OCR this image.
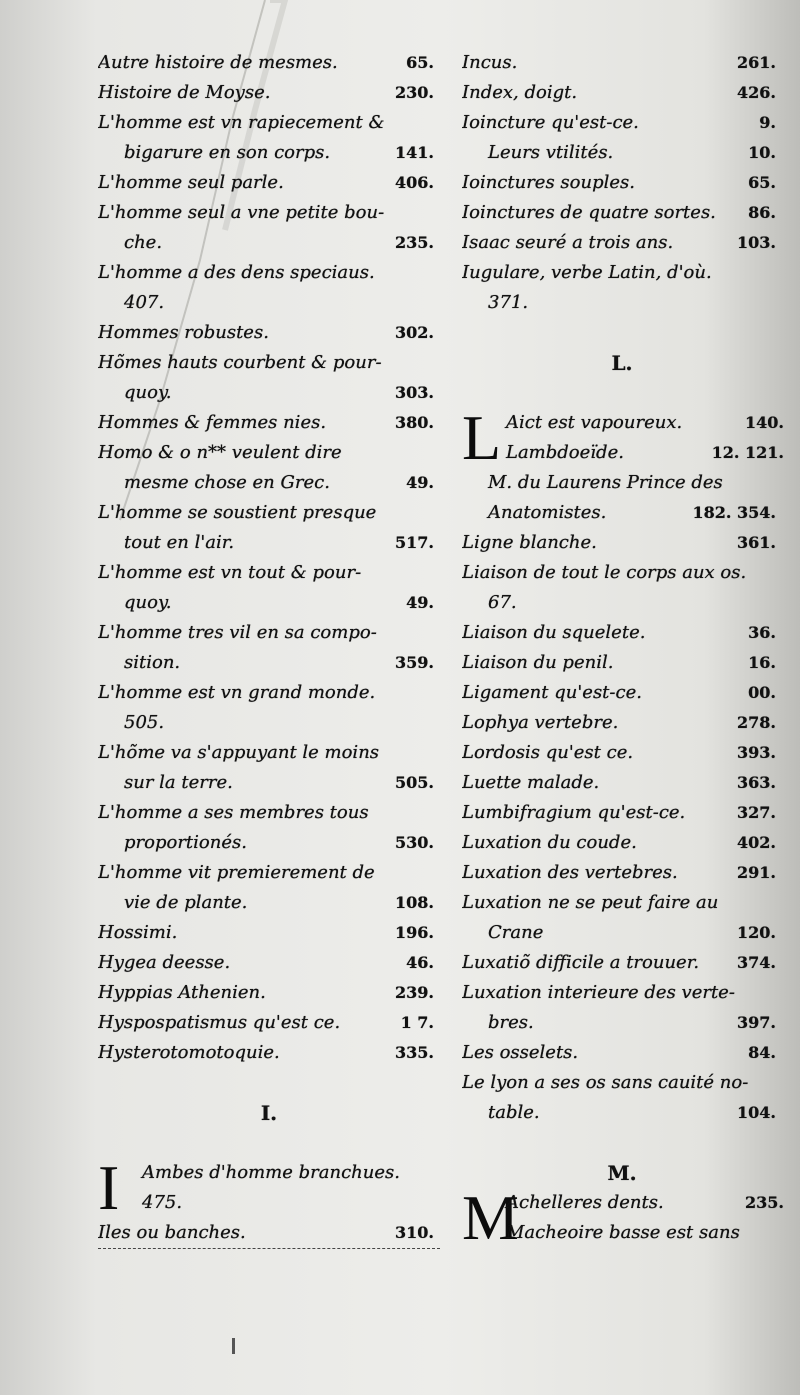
Autre histoire de mesmes.	65.
Histoire de Moyse.	230.
L'homme est vn rapiecement &
bigarure en son corps.	141.
L'homme seul parle.	406.
L'homme seul a vne petite bou-
che.	235.
L'homme a des dens speciaus.
407.
Hommes robustes.	302.
Hõmes hauts courbent & pour-
quoy.	303.
Hommes & femmes nies.	380.
Homo & o n** veulent dire
mesme chose en Grec.	49.
L'homme se soustient presque
tout en l'air.	517.
L'homme est vn tout & pour-
quoy.	49.
L'homme tres vil en sa compo-
sition.	359.
L'homme est vn grand monde.
505.
L'hõme va s'appuyant le moins
sur la terre.	505.
L'homme a ses membres tous
proportionés.	530.
L'homme vit premierement de
vie de plante.	108.
Hossimi.	196.
Hygea deesse.	46.
Hyppias Athenien.	239.
Hyspospatismus qu'est ce.	1 7.
Hysterotomotoquie.	335.
I.
I Ambes d'homme branchues.
475.
Iles ou banches.	310.
Incus.	261.
Index, doigt.	426.
Ioincture qu'est-ce.	9.
Leurs vtilités.	10.
Ioinctures souples.	65.
Ioinctures de quatre sortes. 86.
Isaac seuré a trois ans.	103.
Iugulare, verbe Latin, d'où.
371.
L.
L Aict est vapoureux.	140.
Lambdoeïde.	12. 121.
M. du Laurens Prince des
Anatomistes.	182. 354.
Ligne blanche.	361.
Liaison de tout le corps aux os.
67.
Liaison du squelete.	36.
Liaison du penil.	16.
Ligament qu'est-ce.	00.
Lophya vertebre.	278.
Lordosis qu'est ce.	393.
Luette malade.	363.
Lumbifragium qu'est-ce.	327.
Luxation du coude.	402.
Luxation des vertebres.	291.
Luxation ne se peut faire au
Crane	120.
Luxatiõ difficile a trouuer. 374.
Luxation interieure des verte-
bres.	397.
Les osselets.	84.
Le lyon a ses os sans cauité no-
table.	104.
M.
M
Achelleres dents.	235.
Macheoire basse est sans
